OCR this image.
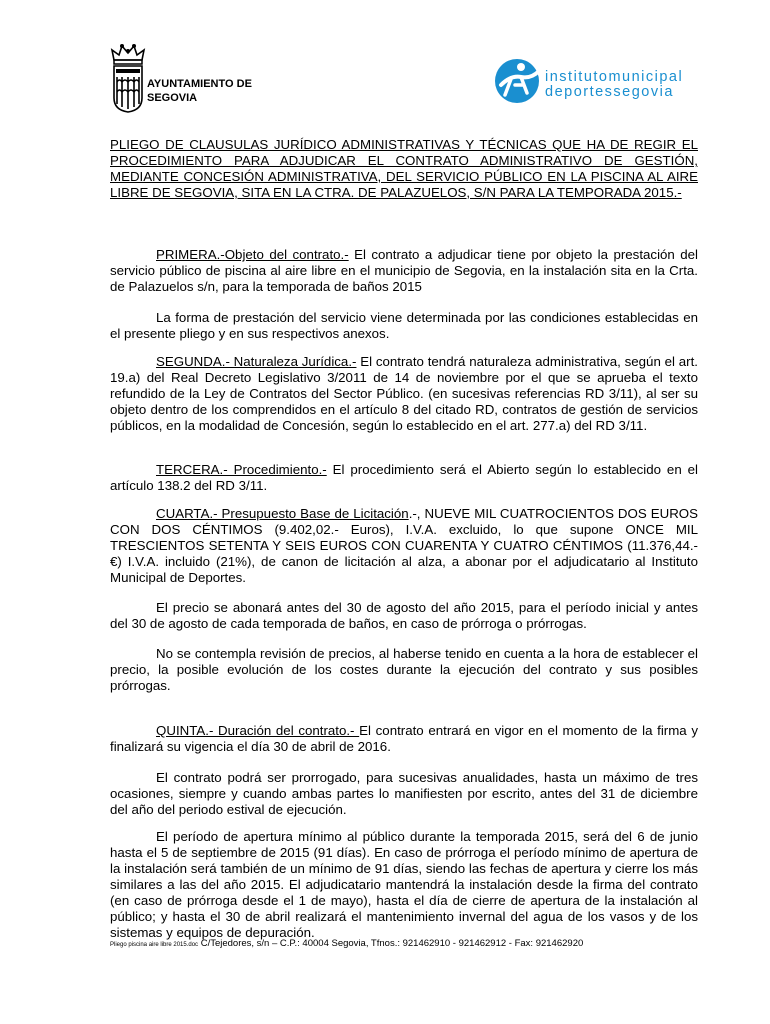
AYUNTAMIENTO DE
SEGOVIA
institutomunicipal
deportessegovia
PLIEGO DE CLAUSULAS JURÍDICO ADMINISTRATIVAS Y TÉCNICAS QUE HA DE REGIR EL PROCEDIMIENTO PARA ADJUDICAR EL CONTRATO ADMINISTRATIVO DE GESTIÓN, MEDIANTE CONCESIÓN ADMINISTRATIVA, DEL SERVICIO PÚBLICO EN LA PISCINA AL AIRE LIBRE DE SEGOVIA, SITA EN LA CTRA. DE PALAZUELOS, S/N PARA LA TEMPORADA 2015.-
PRIMERA.-Objeto del contrato.- El contrato a adjudicar tiene por objeto la prestación del servicio público de piscina al aire libre en el municipio de Segovia, en la instalación sita en la Crta. de Palazuelos s/n, para la temporada de baños 2015
La forma de prestación del servicio viene determinada por las condiciones establecidas en el presente pliego y en sus respectivos anexos.
SEGUNDA.- Naturaleza Jurídica.- El contrato tendrá naturaleza administrativa, según el art. 19.a) del Real Decreto Legislativo 3/2011 de 14 de noviembre por el que se aprueba el texto refundido de la Ley de Contratos del Sector Público. (en sucesivas referencias RD 3/11), al ser su objeto dentro de los comprendidos en el artículo 8 del citado RD, contratos de gestión de servicios públicos, en la modalidad de Concesión, según lo establecido en el art. 277.a) del RD 3/11.
TERCERA.- Procedimiento.- El procedimiento será el Abierto según lo establecido en el artículo 138.2 del RD 3/11.
CUARTA.- Presupuesto Base de Licitación.-, NUEVE MIL CUATROCIENTOS DOS EUROS CON DOS CÉNTIMOS (9.402,02.- Euros), I.V.A. excluido, lo que supone ONCE MIL TRESCIENTOS SETENTA Y SEIS EUROS CON CUARENTA Y CUATRO CÉNTIMOS (11.376,44.-€) I.V.A. incluido (21%), de canon de licitación al alza, a abonar por el adjudicatario al Instituto Municipal de Deportes.
El precio se abonará antes del 30 de agosto del año 2015, para el período inicial y antes del 30 de agosto de cada temporada de baños, en caso de prórroga o prórrogas.
No se contempla revisión de precios, al haberse tenido en cuenta a la hora de establecer el precio, la posible evolución de los costes durante la ejecución del contrato y sus posibles prórrogas.
QUINTA.- Duración del contrato.- El contrato entrará en vigor en el momento de la firma y finalizará su vigencia el día 30 de abril de 2016.
El contrato podrá ser prorrogado, para sucesivas anualidades, hasta un máximo de tres ocasiones, siempre y cuando ambas partes lo manifiesten por escrito, antes del 31 de diciembre del año del periodo estival de ejecución.
El período de apertura mínimo al público durante la temporada 2015, será del 6 de junio hasta el 5 de septiembre de 2015 (91 días). En caso de prórroga el período mínimo de apertura de la instalación será también de un mínimo de 91 días, siendo las fechas de apertura y cierre los más similares a las del año 2015. El adjudicatario mantendrá la instalación desde la firma del contrato (en caso de prórroga desde el 1 de mayo), hasta el día de cierre de apertura de la instalación al público; y hasta el 30 de abril realizará el mantenimiento invernal del agua de los vasos y de los sistemas y equipos de depuración.
Pliego piscina aire libre 2015.doc C/Tejedores, s/n – C.P.: 40004 Segovia, Tfnos.: 921462910 - 921462912 - Fax: 921462920
